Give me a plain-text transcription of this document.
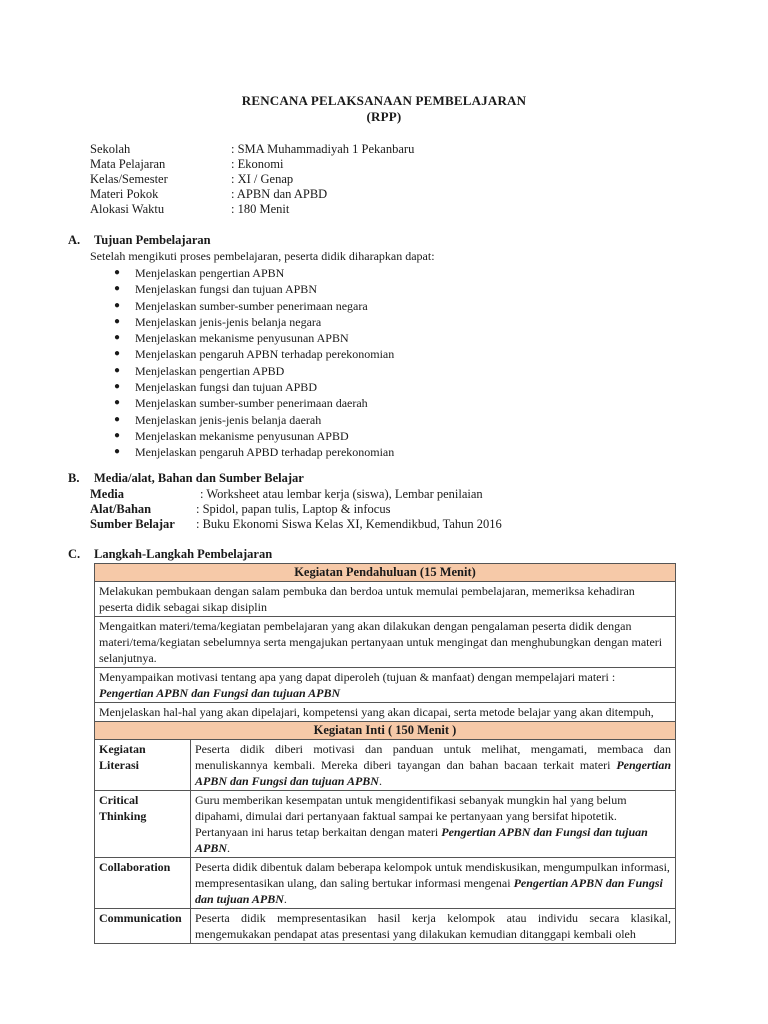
RENCANA PELAKSANAAN PEMBELAJARAN
(RPP)
Sekolah	: SMA Muhammadiyah 1 Pekanbaru
Mata Pelajaran	: Ekonomi
Kelas/Semester	: XI / Genap
Materi Pokok	: APBN dan APBD
Alokasi Waktu	: 180 Menit
A. Tujuan Pembelajaran
Setelah mengikuti proses pembelajaran, peserta didik diharapkan dapat:
● Menjelaskan pengertian APBN
● Menjelaskan fungsi dan tujuan APBN
● Menjelaskan sumber-sumber penerimaan negara
● Menjelaskan jenis-jenis belanja negara
● Menjelaskan mekanisme penyusunan APBN
● Menjelaskan pengaruh APBN terhadap perekonomian
● Menjelaskan pengertian APBD
● Menjelaskan fungsi dan tujuan APBD
● Menjelaskan sumber-sumber penerimaan daerah
● Menjelaskan jenis-jenis belanja daerah
● Menjelaskan mekanisme penyusunan APBD
● Menjelaskan pengaruh APBD terhadap perekonomian
B. Media/alat, Bahan dan Sumber Belajar
Media	: Worksheet atau lembar kerja (siswa), Lembar penilaian
Alat/Bahan	: Spidol, papan tulis, Laptop & infocus
Sumber Belajar : Buku Ekonomi Siswa Kelas XI, Kemendikbud, Tahun 2016
C. Langkah-Langkah Pembelajaran
Kegiatan Pendahuluan (15 Menit)	
Melakukan pembukaan dengan salam pembuka dan berdoa untuk memulai pembelajaran, memeriksa kehadiran peserta didik sebagai sikap disiplin	
Mengaitkan materi/tema/kegiatan pembelajaran yang akan dilakukan dengan pengalaman peserta didik dengan materi/tema/kegiatan sebelumnya serta mengajukan pertanyaan untuk mengingat dan menghubungkan dengan materi selanjutnya.	
Menyampaikan motivasi tentang apa yang dapat diperoleh (tujuan & manfaat) dengan mempelajari materi :
Pengertian APBN dan Fungsi dan tujuan APBN	
Menjelaskan hal-hal yang akan dipelajari, kompetensi yang akan dicapai, serta metode belajar yang akan ditempuh,	
Kegiatan Inti ( 150 Menit )	
Kegiatan Literasi	Peserta didik diberi motivasi dan panduan untuk melihat, mengamati, membaca dan menuliskannya kembali. Mereka diberi tayangan dan bahan bacaan terkait materi Pengertian APBN dan Fungsi dan tujuan APBN.
Critical Thinking	Guru memberikan kesempatan untuk mengidentifikasi sebanyak mungkin hal yang belum dipahami, dimulai dari pertanyaan faktual sampai ke pertanyaan yang bersifat hipotetik. Pertanyaan ini harus tetap berkaitan dengan materi Pengertian APBN dan Fungsi dan tujuan APBN.
Collaboration	Peserta didik dibentuk dalam beberapa kelompok untuk mendiskusikan, mengumpulkan informasi, mempresentasikan ulang, dan saling bertukar informasi mengenai Pengertian APBN dan Fungsi dan tujuan APBN.
Communication	Peserta didik mempresentasikan hasil kerja kelompok atau individu secara klasikal, mengemukakan pendapat atas presentasi yang dilakukan kemudian ditanggapi kembali oleh
